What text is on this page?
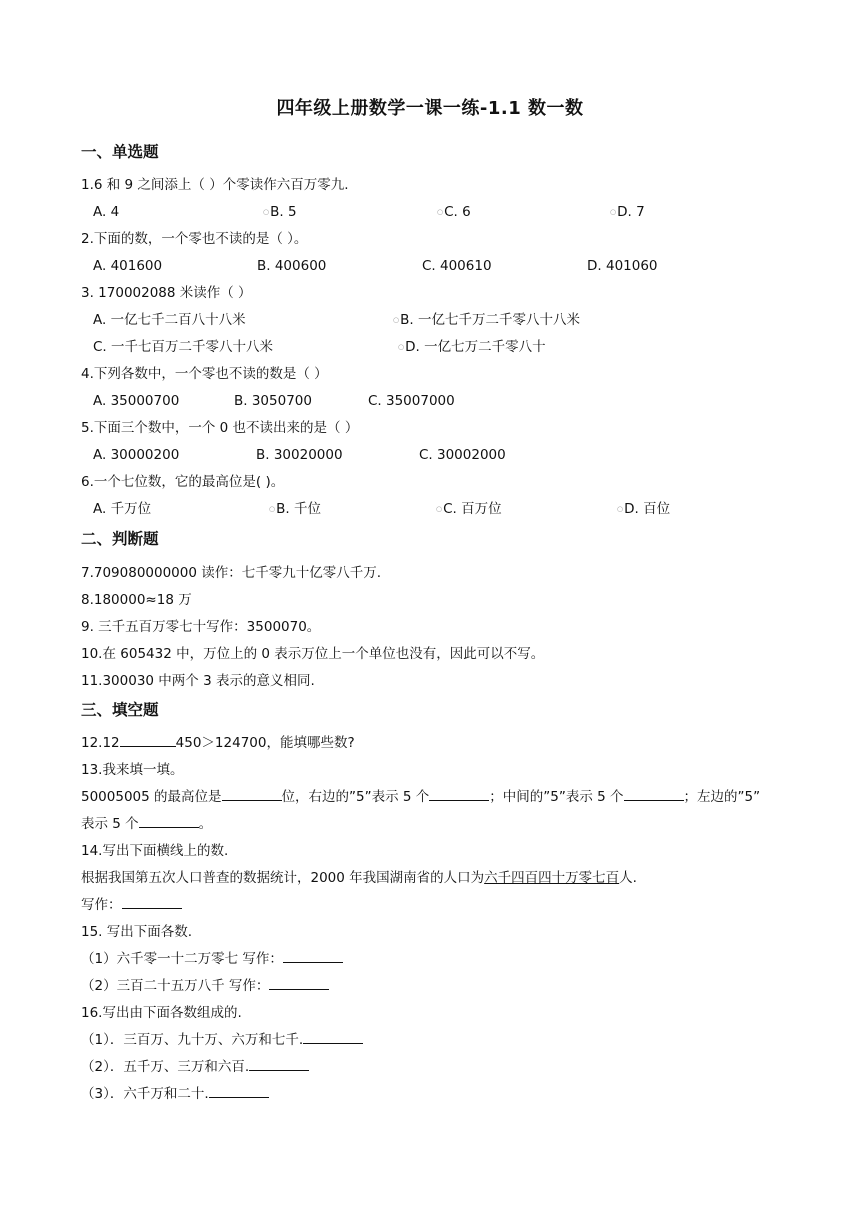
四年级上册数学一课一练-1.1 数一数
一、单选题
1.6 和 9 之间添上（ ）个零读作六百万零九.
A. 4	○B. 5	○C. 6	○D. 7
2.下面的数，一个零也不读的是（ ）。
A. 401600	B. 400600	C. 400610	D. 401060
3. 170002088 米读作（ ）
A. 一亿七千二百八十八米	○B. 一亿七千万二千零八十八米
C. 一千七百万二千零八十八米	○D. 一亿七万二千零八十
4.下列各数中，一个零也不读的数是（ ）
A. 35000700	B. 3050700	C. 35007000
5.下面三个数中，一个 0 也不读出来的是（ ）
A. 30000200	B. 30020000	C. 30002000
6.一个七位数，它的最高位是( )。
A. 千万位	○B. 千位	○C. 百万位	○D. 百位
二、判断题
7.709080000000 读作：七千零九十亿零八千万.
8.180000≈18 万
9. 三千五百万零七十写作：3500070。
10.在 605432 中，万位上的 0 表示万位上一个单位也没有，因此可以不写。
11.300030 中两个 3 表示的意义相同.
三、填空题
12.12	450＞124700，能填哪些数?
13.我来填一填。
50005005 的最高位是	位，右边的”5”表示 5 个	；中间的”5”表示 5 个	；左边的”5”
表示 5 个	。
14.写出下面横线上的数.
根据我国第五次人口普查的数据统计，2000 年我国湖南省的人口为六千四百四十万零七百人.
写作：
15. 写出下面各数.
（1）六千零一十二万零七 写作：
（2）三百二十五万八千 写作：
16.写出由下面各数组成的.
（1）．三百万、九十万、六万和七千.
（2）．五千万、三万和六百.
（3）．六千万和二十.
